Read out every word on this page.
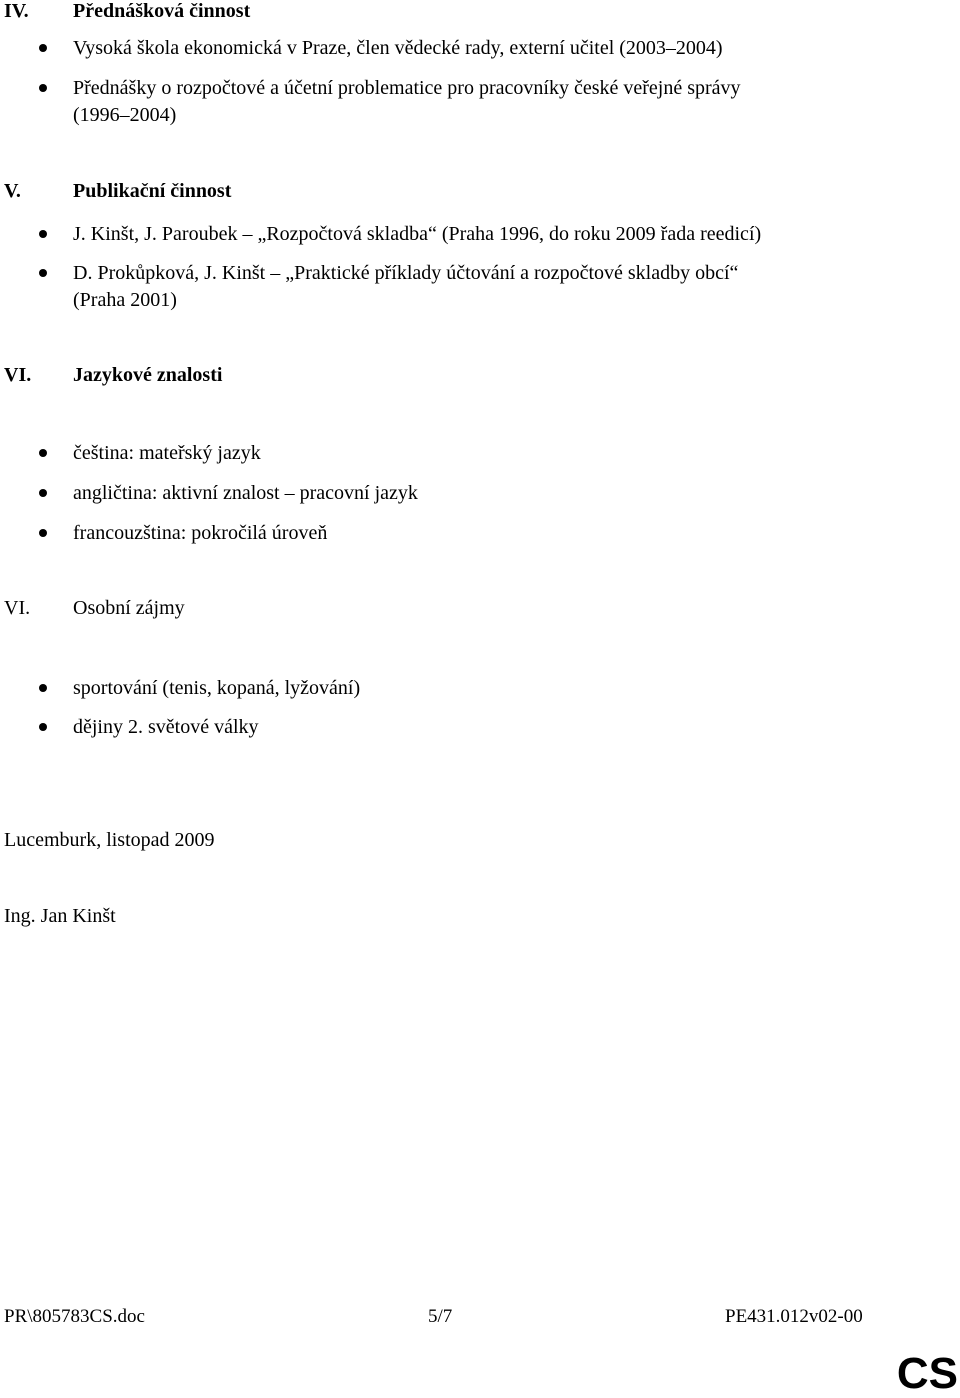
IV. Přednášková činnost
Vysoká škola ekonomická v Praze, člen vědecké rady, externí učitel (2003–2004)
Přednášky o rozpočtové a účetní problematice pro pracovníky české veřejné správy
(1996–2004)
V.	Publikační činnost
J. Kinšt, J. Paroubek – „Rozpočtová skladba“ (Praha 1996, do roku 2009 řada reedicí)
D. Prokůpková, J. Kinšt – „Praktické příklady účtování a rozpočtové skladby obcí“
(Praha 2001)
VI. Jazykové znalosti
čeština: mateřský jazyk
angličtina: aktivní znalost – pracovní jazyk
francouzština: pokročilá úroveň
VI. Osobní zájmy
sportování (tenis, kopaná, lyžování)
dějiny 2. světové války
Lucemburk, listopad 2009
Ing. Jan Kinšt
PR\805783CS.doc	5/7	PE431.012v02-00
CS
